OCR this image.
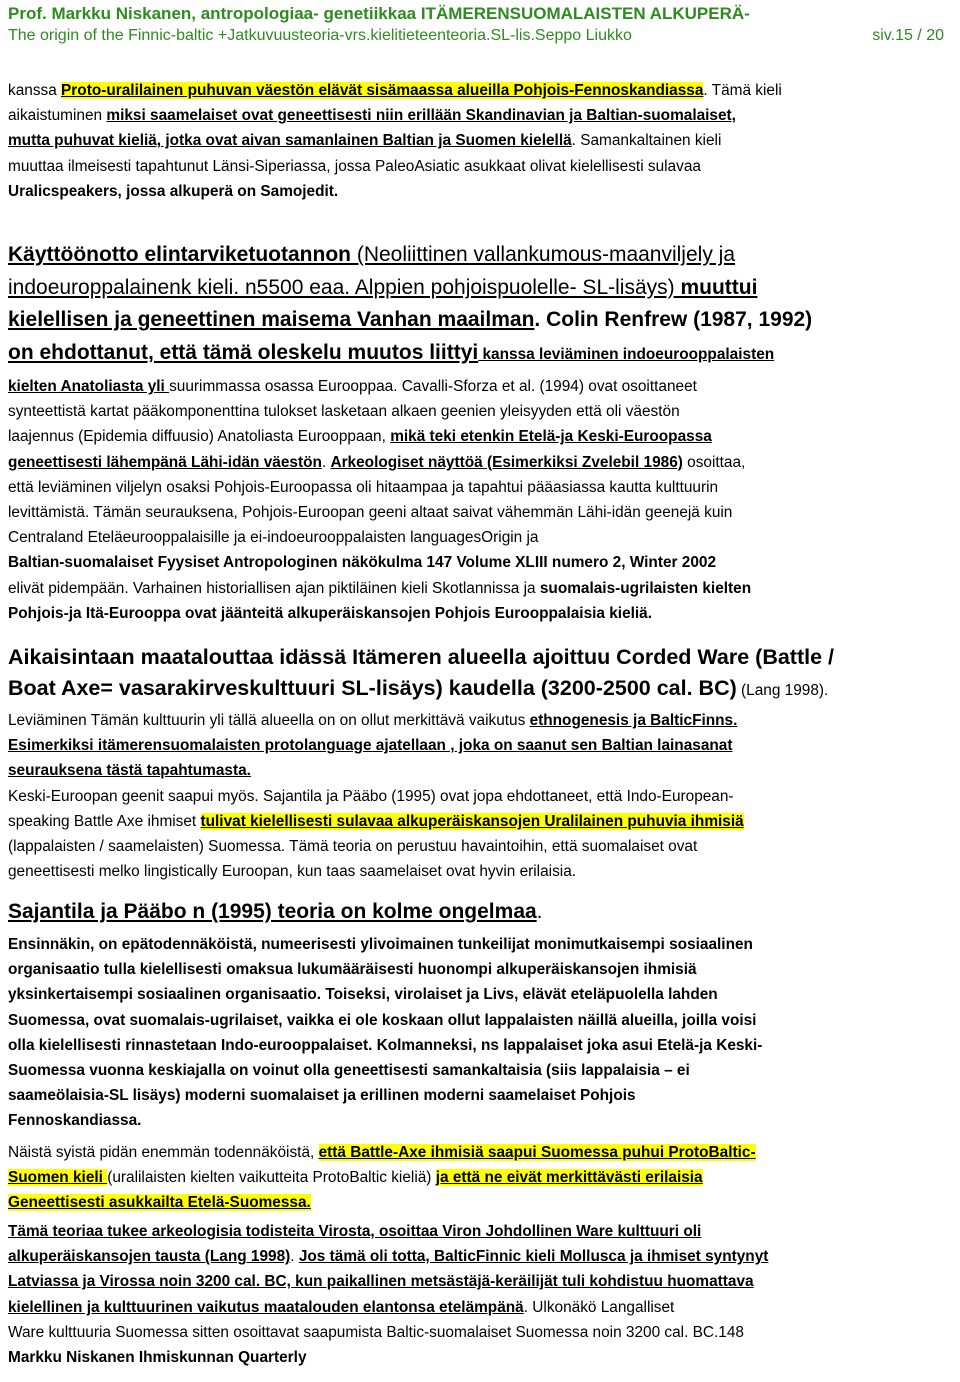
Prof. Markku Niskanen, antropologiaa- genetiikkaa ITÄMERENSUOMALAISTEN ALKUPERÄ-
The origin of the Finnic-baltic +Jatkuvuusteoria-vrs.kielitieteenteoria.SL-lis.Seppo Liukko	siv.15 / 20
kanssa Proto-uralilainen puhuvan väestön elävät sisämaassa alueilla Pohjois-Fennoskandiassa. Tämä kieli
aikaistuminen miksi saamelaiset ovat geneettisesti niin erillään Skandinavian ja Baltian-suomalaiset,
mutta puhuvat kieliä, jotka ovat aivan samanlainen Baltian ja Suomen kielellä. Samankaltainen kieli
muuttaa ilmeisesti tapahtunut Länsi-Siperiassa, jossa PaleoAsiatic asukkaat olivat kielellisesti sulavaa
Uralicspeakers, jossa alkuperä on Samojedit.
Käyttöönotto elintarviketuotannon (Neoliittinen vallankumous-maanviljely ja
indoeuroppalainenk kieli. n5500 eaa. Alppien pohjoispuolelle- SL-lisäys) muuttui
kielellisen ja geneettinen maisema Vanhan maailman. Colin Renfrew (1987, 1992)
on ehdottanut, että tämä oleskelu muutos liittyi kanssa leviäminen indoeurooppalaisten
kielten Anatoliasta yli suurimmassa osassa Eurooppaa. Cavalli-Sforza et al. (1994) ovat osoittaneet
synteettistä kartat pääkomponenttina tulokset lasketaan alkaen geenien yleisyyden että oli väestön
laajennus (Epidemia diffuusio) Anatoliasta Eurooppaan, mikä teki etenkin Etelä-ja Keski-Euroopassa
geneettisesti lähempänä Lähi-idän väestön. Arkeologiset näyttöä (Esimerkiksi Zvelebil 1986) osoittaa,
että leviäminen viljelyn osaksi Pohjois-Euroopassa oli hitaampaa ja tapahtui pääasiassa kautta kulttuurin
levittämistä. Tämän seurauksena, Pohjois-Euroopan geeni altaat saivat vähemmän Lähi-idän geenejä kuin
Centraland Eteläeurooppalaisille ja ei-indoeurooppalaisten languagesOrigin ja
Baltian-suomalaiset Fyysiset Antropologinen näkökulma 147 Volume XLIII numero 2, Winter 2002
elivät pidempään. Varhainen historiallisen ajan piktiläinen kieli Skotlannissa ja suomalais-ugrilaisten kielten
Pohjois-ja Itä-Eurooppa ovat jäänteitä alkuperäiskansojen Pohjois Eurooppalaisia kieliä.
Aikaisintaan maatalouttaa idässä Itämeren alueella ajoittuu Corded Ware (Battle /
Boat Axe= vasarakirveskulttuuri SL-lisäys) kaudella (3200-2500 cal. BC) (Lang 1998).
Leviäminen Tämän kulttuurin yli tällä alueella on on ollut merkittävä vaikutus ethnogenesis ja BalticFinns.
Esimerkiksi itämerensuomalaisten protolanguage ajatellaan , joka on saanut sen Baltian lainasanat
seurauksena tästä tapahtumasta.
Keski-Euroopan geenit saapui myös. Sajantila ja Pääbo (1995) ovat jopa ehdottaneet, että Indo-European-
speaking Battle Axe ihmiset tulivat kielellisesti sulavaa alkuperäiskansojen Uralilainen puhuvia ihmisiä
(lappalaisten / saamelaisten) Suomessa. Tämä teoria on perustuu havaintoihin, että suomalaiset ovat
geneettisesti melko lingistically Euroopan, kun taas saamelaiset ovat hyvin erilaisia.
Sajantila ja Pääbo n (1995) teoria on kolme ongelmaa.
Ensinnäkin, on epätodennäköistä, numeerisesti ylivoimainen tunkeilijat monimutkaisempi sosiaalinen
organisaatio tulla kielellisesti omaksua lukumääräisesti huonompi alkuperäiskansojen ihmisiä
yksinkertaisempi sosiaalinen organisaatio. Toiseksi, virolaiset ja Livs, elävät eteläpuolella lahden
Suomessa, ovat suomalais-ugrilaiset, vaikka ei ole koskaan ollut lappalaisten näillä alueilla, joilla voisi
olla kielellisesti rinnastetaan Indo-eurooppalaiset. Kolmanneksi, ns lappalaiset joka asui Etelä-ja Keski-
Suomessa vuonna keskiajalla on voinut olla geneettisesti samankaltaisia (siis lappalaisia – ei
saameölaisia-SL lisäys) moderni suomalaiset ja erillinen moderni saamelaiset Pohjois
Fennoskandiassa.
Näistä syistä pidän enemmän todennäköistä, että Battle-Axe ihmisiä saapui Suomessa puhui ProtoBaltic-
Suomen kieli (uralilaisten kielten vaikutteita ProtoBaltic kieliä) ja että ne eivät merkittävästi erilaisia
Geneettisesti asukkailta Etelä-Suomessa.
Tämä teoriaa tukee arkeologisia todisteita Virosta, osoittaa Viron Johdollinen Ware kulttuuri oli
alkuperäiskansojen tausta (Lang 1998). Jos tämä oli totta, BalticFinnic kieli Mollusca ja ihmiset syntynyt
Latviassa ja Virossa noin 3200 cal. BC, kun paikallinen metsästäjä-keräilijät tuli kohdistuu huomattava
kielellinen ja kulttuurinen vaikutus maatalouden elantonsa etelämpänä. Ulkonäkö Langalliset
Ware kulttuuria Suomessa sitten osoittavat saapumista Baltic-suomalaiset Suomessa noin 3200 cal. BC.148
Markku Niskanen Ihmiskunnan Quarterly
